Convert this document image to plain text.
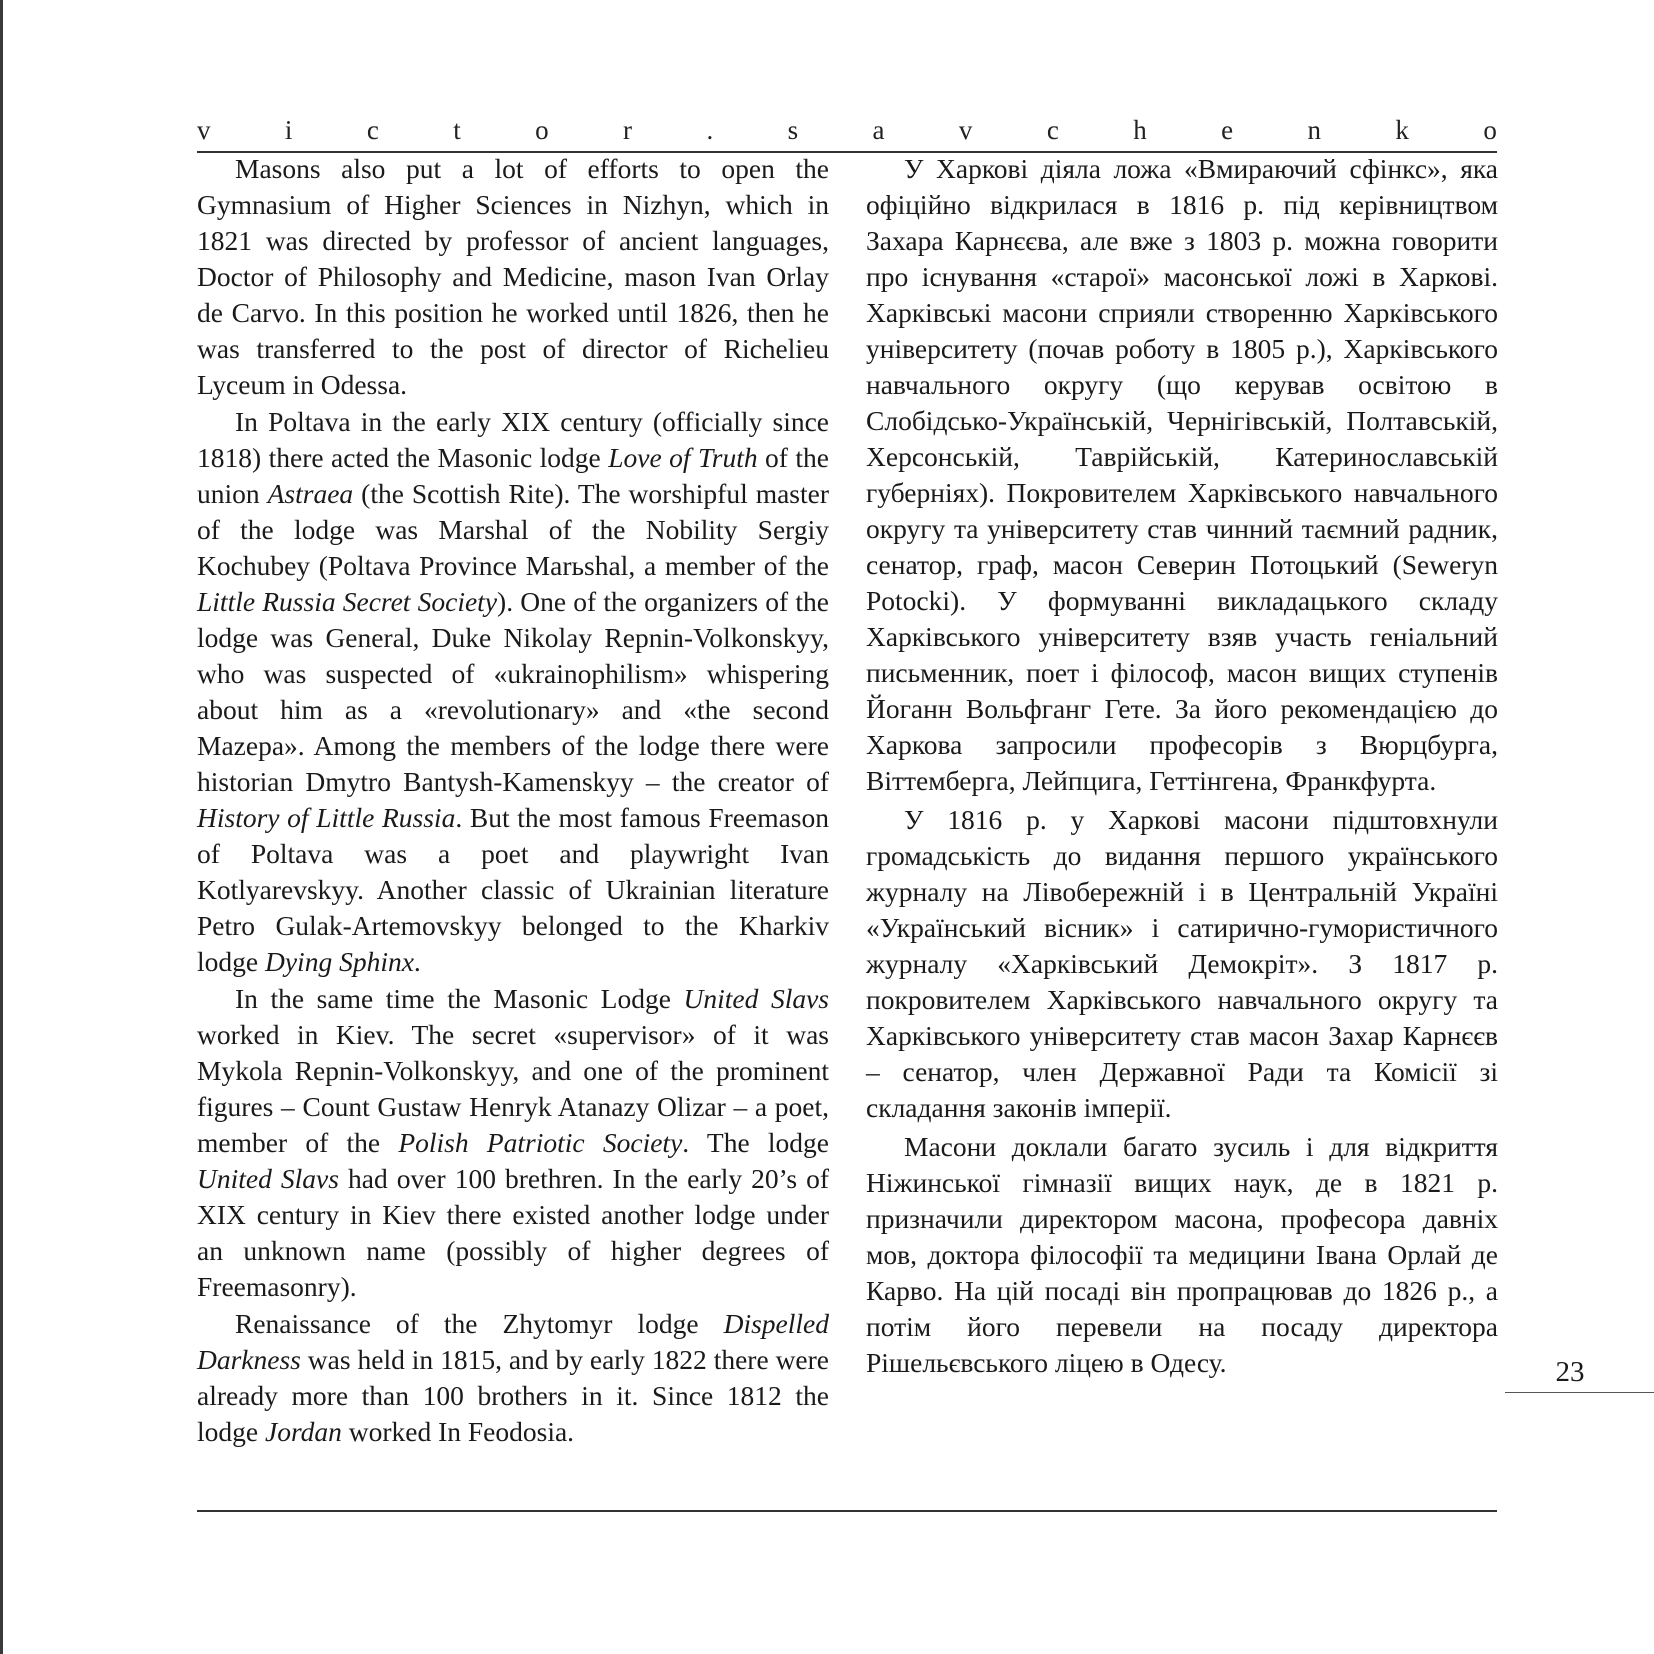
v	i	c	t	o	r	.	s	a	v	c	h	e	n	k	o

Masons also put a lot of efforts to open the Gymnasium of Higher Sciences in Nizhyn, which in 1821 was directed by professor of ancient languages, Doctor of Philosophy and Medicine, mason Ivan Orlay de Carvo. In this position he worked until 1826, then he was transferred to the post of director of Richelieu Lyceum in Odessa.

In Poltava in the early XIX century (officially since 1818) there acted the Masonic lodge Love of Truth of the union Astraea (the Scottish Rite). The worshipful master of the lodge was Marshal of the Nobility Sergiy Kochubey (Poltava Province Marьshal, a member of the Little Russia Secret Society). One of the organizers of the lodge was General, Duke Nikolay Repnin-Volkonskyy, who was suspected of «ukrainophilism» whispering about him as a «revolutionary» and «the second Mazepa». Among the members of the lodge there were historian Dmytro Bantysh-Kamenskyy – the creator of History of Little Russia. But the most famous Freemason of Poltava was a poet and playwright Ivan Kotlyarevskyy. Another classic of Ukrainian literature Petro Gulak-Artemovskyy belonged to the Kharkiv lodge Dying Sphinx.

In the same time the Masonic Lodge United Slavs worked in Kiev. The secret «supervisor» of it was Mykola Repnin-Volkonskyy, and one of the prominent figures – Count Gustaw Henryk Atanazy Olizar – a poet, member of the Polish Patriotic Society. The lodge United Slavs had over 100 brethren. In the early 20’s of XIX century in Kiev there existed another lodge under an unknown name (possibly of higher degrees of Freemasonry).

Renaissance of the Zhytomyr lodge Dispelled Darkness was held in 1815, and by early 1822 there were already more than 100 brothers in it. Since 1812 the lodge Jordan worked In Feodosia.

У Харкові діяла ложа «Вмираючий сфінкс», яка офіційно відкрилася в 1816 р. під керівництвом Захара Карнєєва, але вже з 1803 р. можна говорити про існування «старої» масонської ложі в Харкові. Харківські масони сприяли створенню Харківського університету (почав роботу в 1805 р.), Харківського навчального округу (що керував освітою в Слобідсько-Українській, Чернігівській, Полтавській, Херсонській, Таврійській, Катеринославській губерніях). Покровителем Харківського навчального округу та університету став чинний таємний радник, сенатор, граф, масон Северин Потоцький (Seweryn Potocki). У формуванні викладацького складу Харківського університету взяв участь геніальний письменник, поет і філософ, масон вищих ступенів Йоганн Вольфганг Гете. За його рекомендацією до Харкова запросили професорів з Вюрцбурга, Віттемберга, Лейпцига, Геттінгена, Франкфурта.

У 1816 р. у Харкові масони підштовхнули громадськість до видання першого українського журналу на Лівобережній і в Центральній Україні «Український вісник» і сатирично-гумористичного журналу «Харківський Демокріт». З 1817 р. покровителем Харківського навчального округу та Харківського університету став масон Захар Карнєєв – сенатор, член Державної Ради та Комісії зі складання законів імперії.

Масони доклали багато зусиль і для відкриття Ніжинської гімназії вищих наук, де в 1821 р. призначили директором масона, професора давніх мов, доктора філософії та медицини Івана Орлай де Карво. На цій посаді він пропрацював до 1826 р., а потім його перевели на посаду директора Рішельєвського ліцею в Одесу.	23
